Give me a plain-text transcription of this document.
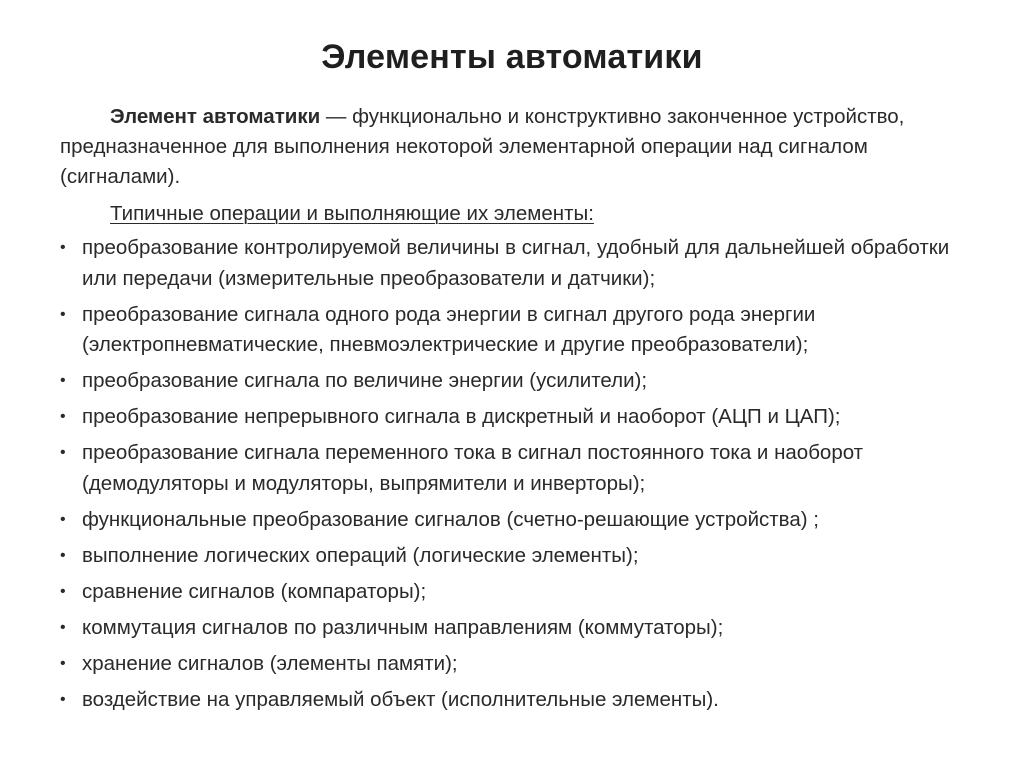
Элементы автоматики
Элемент автоматики — функционально и конструктивно законченное устройство, предназначенное для выполнения некоторой элементарной операции над сигналом (сигналами).
Типичные операции и выполняющие их элементы:
• преобразование контролируемой величины в сигнал, удобный для дальнейшей обработки или передачи (измерительные преобразователи и датчики);
• преобразование сигнала одного рода энергии в сигнал другого рода энергии (электропневматические, пневмоэлектрические и другие преобразователи);
• преобразование сигнала по величине энергии (усилители);
• преобразование непрерывного сигнала в дискретный и наоборот (АЦП и ЦАП);
• преобразование сигнала переменного тока в сигнал постоянного тока и наоборот (демодуляторы и модуляторы, выпрямители и инверторы);
• функциональные преобразование сигналов (счетно-решающие устройства) ;
• выполнение логических операций (логические элементы);
• сравнение сигналов (компараторы);
• коммутация сигналов по различным направлениям (коммутаторы);
• хранение сигналов (элементы памяти);
• воздействие на управляемый объект (исполнительные элементы).
